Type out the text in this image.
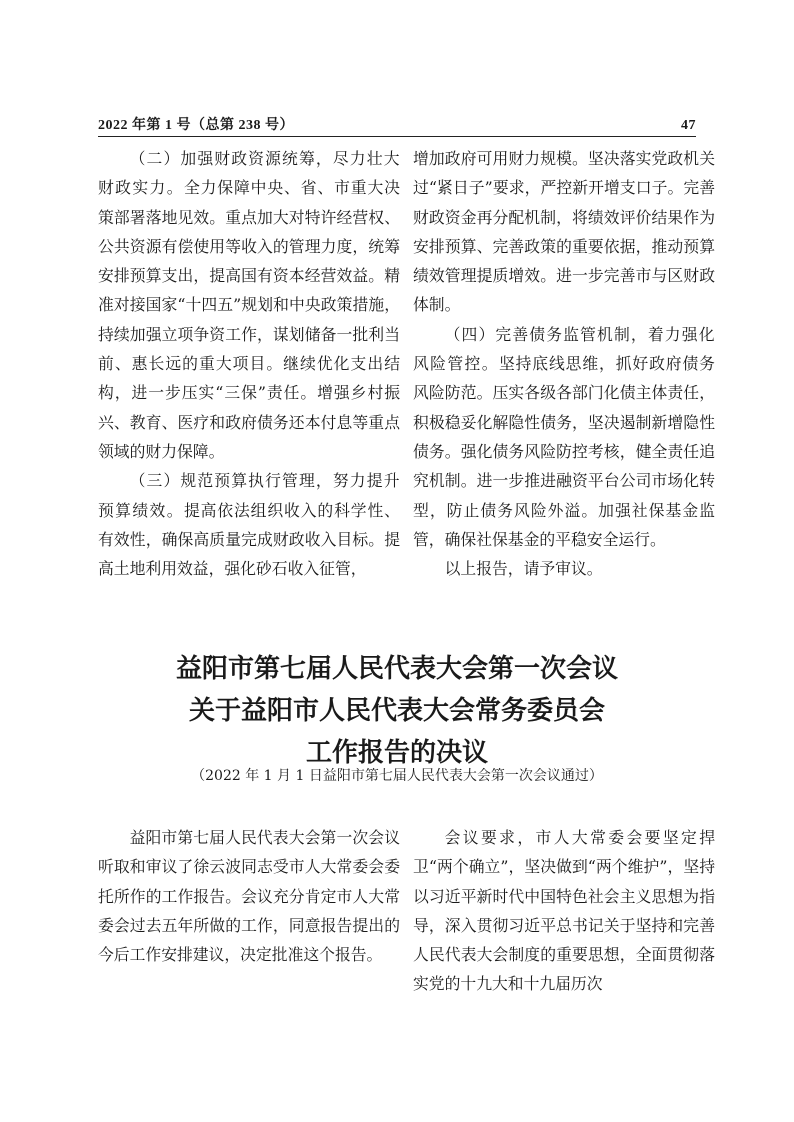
2022 年第 1 号（总第 238 号）	47

（二）加强财政资源统筹，尽力壮大财政实力。全力保障中央、省、市重大决策部署落地见效。重点加大对特许经营权、公共资源有偿使用等收入的管理力度，统筹安排预算支出，提高国有资本经营效益。精准对接国家“十四五”规划和中央政策措施，持续加强立项争资工作，谋划储备一批利当前、惠长远的重大项目。继续优化支出结构，进一步压实“三保”责任。增强乡村振兴、教育、医疗和政府债务还本付息等重点领域的财力保障。

（三）规范预算执行管理，努力提升预算绩效。提高依法组织收入的科学性、有效性，确保高质量完成财政收入目标。提高土地利用效益，强化砂石收入征管，

增加政府可用财力规模。坚决落实党政机关过“紧日子”要求，严控新开增支口子。完善财政资金再分配机制，将绩效评价结果作为安排预算、完善政策的重要依据，推动预算绩效管理提质增效。进一步完善市与区财政体制。

（四）完善债务监管机制，着力强化风险管控。坚持底线思维，抓好政府债务风险防范。压实各级各部门化债主体责任，积极稳妥化解隐性债务，坚决遏制新增隐性债务。强化债务风险防控考核，健全责任追究机制。进一步推进融资平台公司市场化转型，防止债务风险外溢。加强社保基金监管，确保社保基金的平稳安全运行。

以上报告，请予审议。

益阳市第七届人民代表大会第一次会议
关于益阳市人民代表大会常务委员会
工作报告的决议
（2022 年 1 月 1 日益阳市第七届人民代表大会第一次会议通过）

益阳市第七届人民代表大会第一次会议听取和审议了徐云波同志受市人大常委会委托所作的工作报告。会议充分肯定市人大常委会过去五年所做的工作，同意报告提出的今后工作安排建议，决定批准这个报告。

会议要求，市人大常委会要坚定捍卫“两个确立”，坚决做到“两个维护”，坚持以习近平新时代中国特色社会主义思想为指导，深入贯彻习近平总书记关于坚持和完善人民代表大会制度的重要思想，全面贯彻落实党的十九大和十九届历次
